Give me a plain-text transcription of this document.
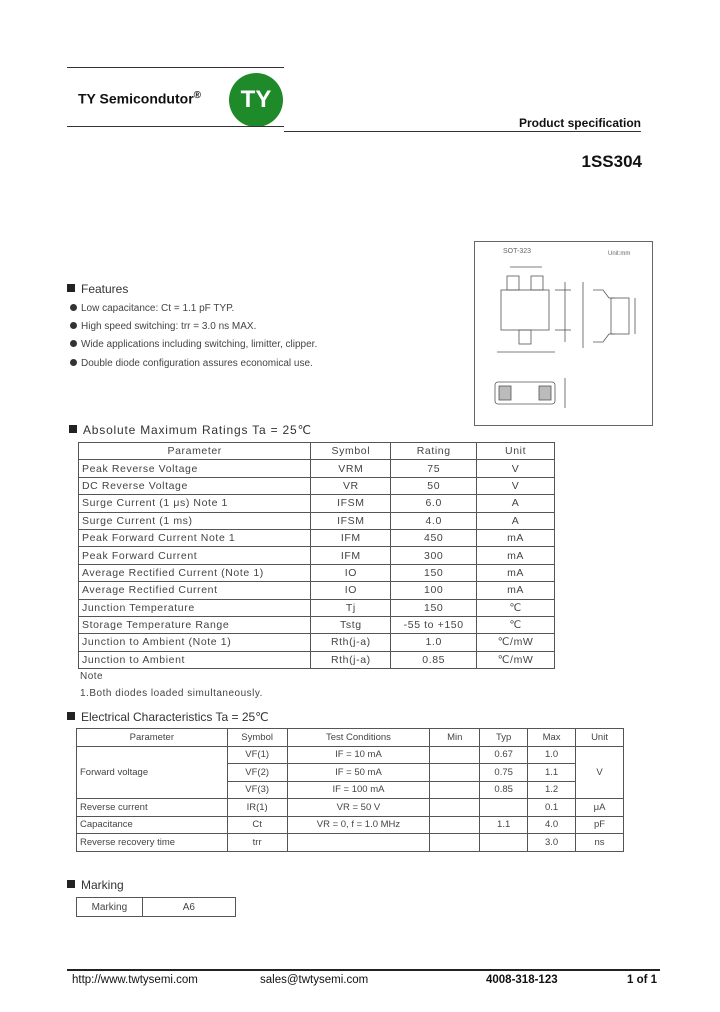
TY Semicondutor®	TY
Product specification
1SS304
SOT-323	Unit:mm
Features
Low capacitance: Ct = 1.1 pF TYP.
High speed switching: trr = 3.0 ns MAX.
Wide applications including switching, limitter, clipper.
Double diode configuration assures economical use.
Absolute Maximum Ratings Ta = 25℃
Parameter	Symbol	Rating	Unit
Peak Reverse Voltage	VRM	75	V
DC Reverse Voltage	VR	50	V
Surge Current (1 μs) Note 1	IFSM	6.0	A
Surge Current (1 ms)	IFSM	4.0	A
Peak Forward Current Note 1	IFM	450	mA
Peak Forward Current	IFM	300	mA
Average Rectified Current (Note 1)	IO	150	mA
Average Rectified Current	IO	100	mA
Junction Temperature	Tj	150	℃
Storage Temperature Range	Tstg	-55 to +150	℃
Junction to Ambient (Note 1)	Rth(j-a)	1.0	℃/mW
Junction to Ambient	Rth(j-a)	0.85	℃/mW
Note
1.Both diodes loaded simultaneously.
Electrical Characteristics Ta = 25℃
Parameter	Symbol	Test Conditions	Min	Typ	Max	Unit
Forward voltage	VF(1)	IF = 10 mA		0.67	1.0	V
	VF(2)	IF = 50 mA		0.75	1.1	
	VF(3)	IF = 100 mA		0.85	1.2	
Reverse current	IR(1)	VR = 50 V			0.1	μA
Capacitance	Ct	VR = 0, f = 1.0 MHz		1.1	4.0	pF
Reverse recovery time	trr				3.0	ns
Marking
Marking	A6
http://www.twtysemi.com	sales@twtysemi.com	4008-318-123	1 of 1
